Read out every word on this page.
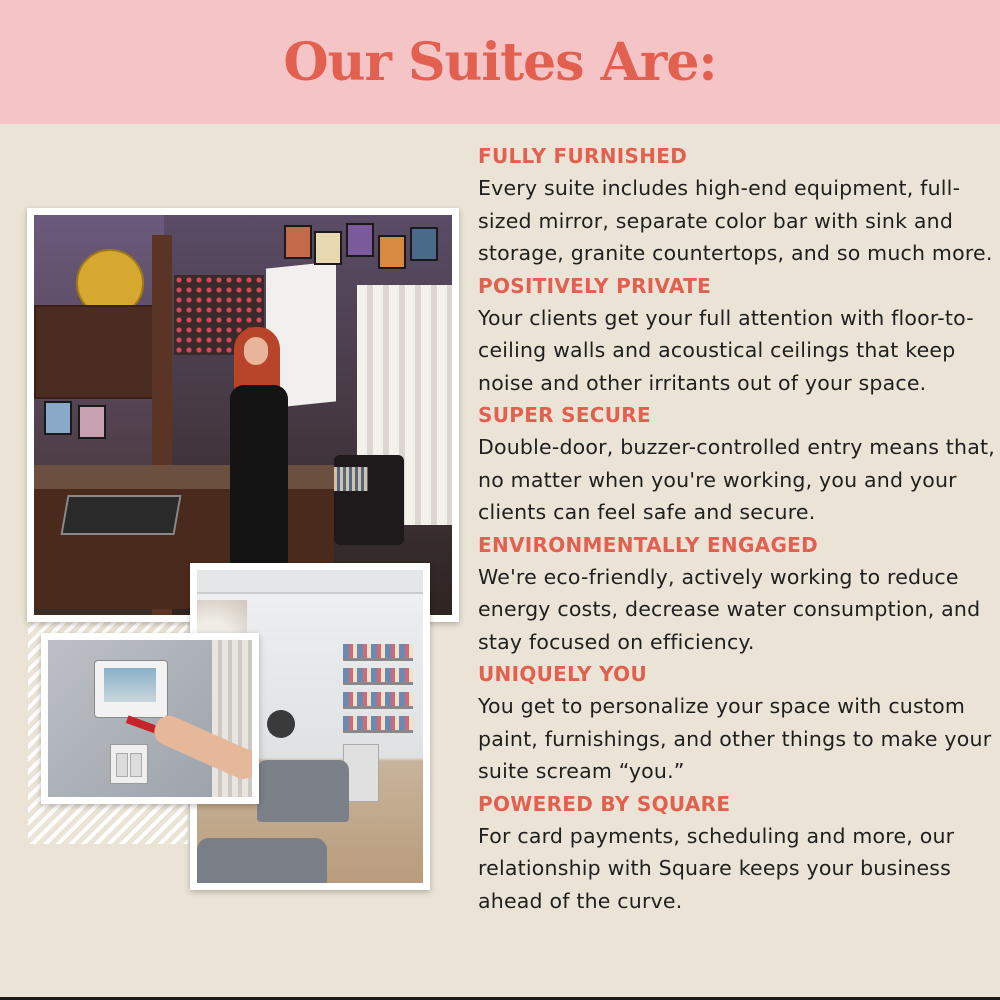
Our Suites Are:
FULLY FURNISHED

Every suite includes high-end equipment, full-sized mirror, separate color bar with sink and storage, granite countertops, and so much more.

POSITIVELY PRIVATE

Your clients get your full attention with floor-to-ceiling walls and acoustical ceilings that keep noise and other irritants out of your space.

SUPER SECURE

Double-door, buzzer-controlled entry means that, no matter when you're working, you and your clients can feel safe and secure.

ENVIRONMENTALLY ENGAGED

We're eco-friendly, actively working to reduce energy costs, decrease water consumption, and stay focused on efficiency.

UNIQUELY YOU

You get to personalize your space with custom paint, furnishings, and other things to make your suite scream “you.”

POWERED BY SQUARE

For card payments, scheduling and more, our relationship with Square keeps your business ahead of the curve.
